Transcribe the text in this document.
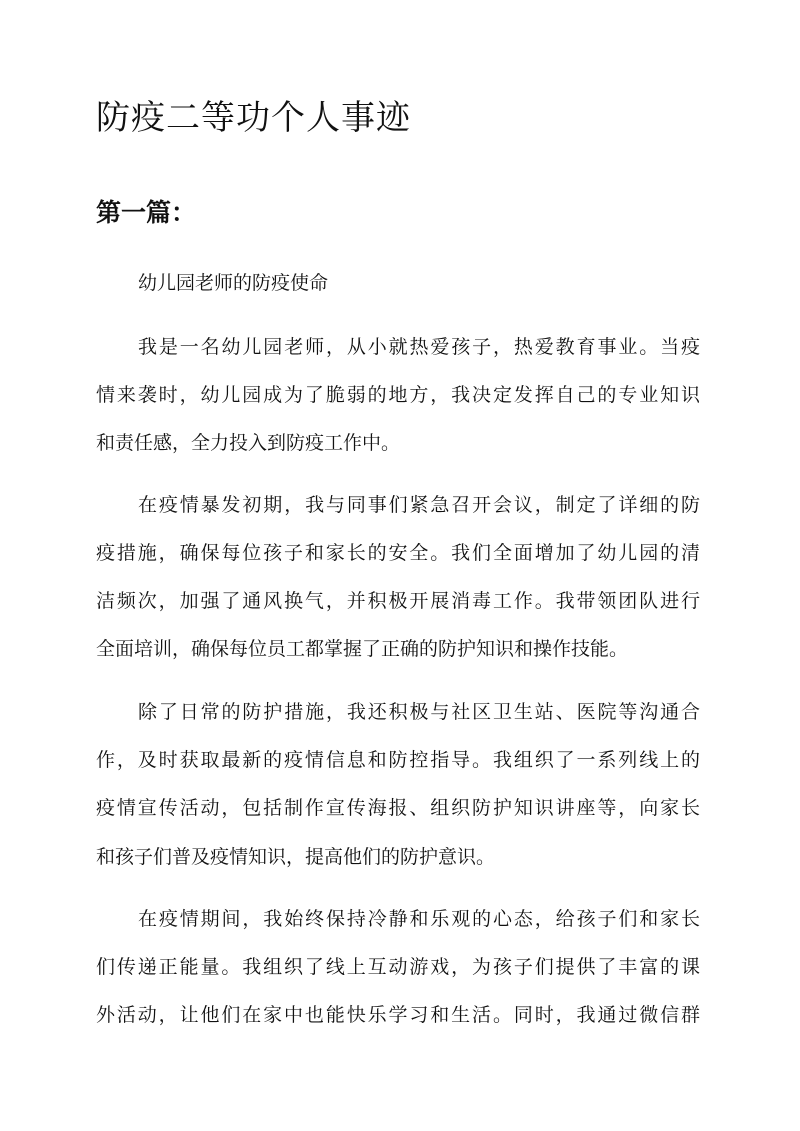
防疫二等功个人事迹
第一篇：
幼儿园老师的防疫使命
我是一名幼儿园老师，从小就热爱孩子，热爱教育事业。当疫
情来袭时，幼儿园成为了脆弱的地方，我决定发挥自己的专业知识
和责任感，全力投入到防疫工作中。
在疫情暴发初期，我与同事们紧急召开会议，制定了详细的防
疫措施，确保每位孩子和家长的安全。我们全面增加了幼儿园的清
洁频次，加强了通风换气，并积极开展消毒工作。我带领团队进行
全面培训，确保每位员工都掌握了正确的防护知识和操作技能。
除了日常的防护措施，我还积极与社区卫生站、医院等沟通合
作，及时获取最新的疫情信息和防控指导。我组织了一系列线上的
疫情宣传活动，包括制作宣传海报、组织防护知识讲座等，向家长
和孩子们普及疫情知识，提高他们的防护意识。
在疫情期间，我始终保持冷静和乐观的心态，给孩子们和家长
们传递正能量。我组织了线上互动游戏，为孩子们提供了丰富的课
外活动，让他们在家中也能快乐学习和生活。同时，我通过微信群
